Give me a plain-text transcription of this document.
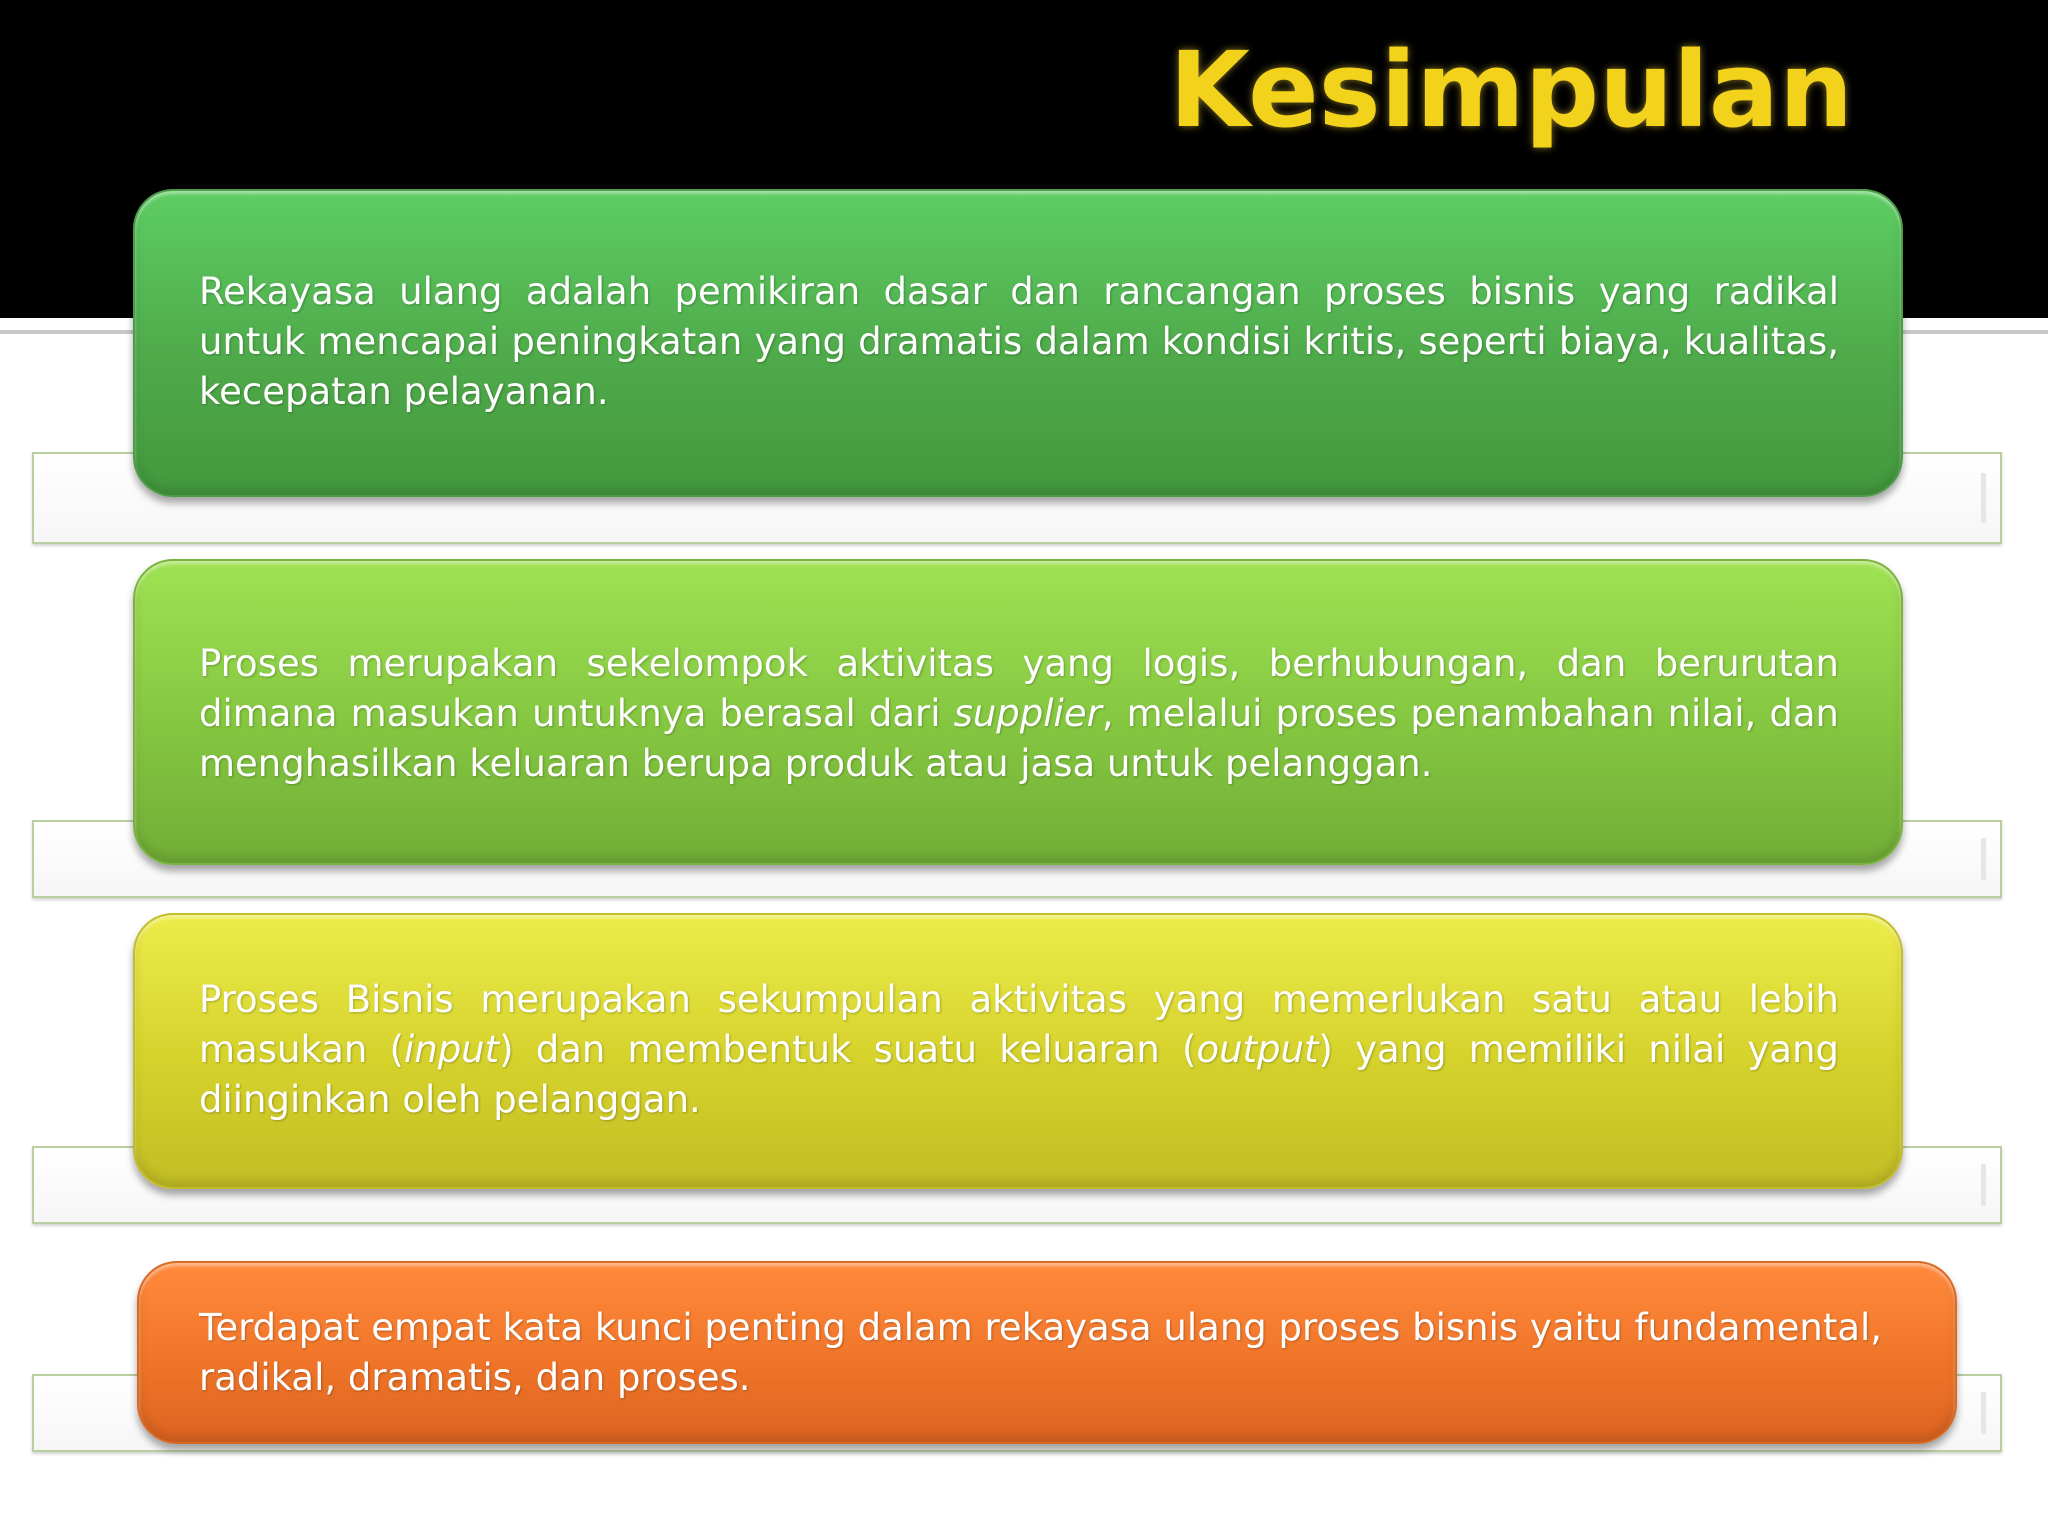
Kesimpulan

Rekayasa ulang adalah pemikiran dasar dan rancangan proses bisnis yang radikal untuk mencapai peningkatan yang dramatis dalam kondisi kritis, seperti biaya, kualitas, kecepatan pelayanan.

Proses merupakan sekelompok aktivitas yang logis, berhubungan, dan berurutan dimana masukan untuknya berasal dari supplier, melalui proses penambahan nilai, dan menghasilkan keluaran berupa produk atau jasa untuk pelanggan.

Proses Bisnis merupakan sekumpulan aktivitas yang memerlukan satu atau lebih masukan (input) dan membentuk suatu keluaran (output) yang memiliki nilai yang diinginkan oleh pelanggan.

Terdapat empat kata kunci penting dalam rekayasa ulang proses bisnis yaitu fundamental, radikal, dramatis, dan proses.
